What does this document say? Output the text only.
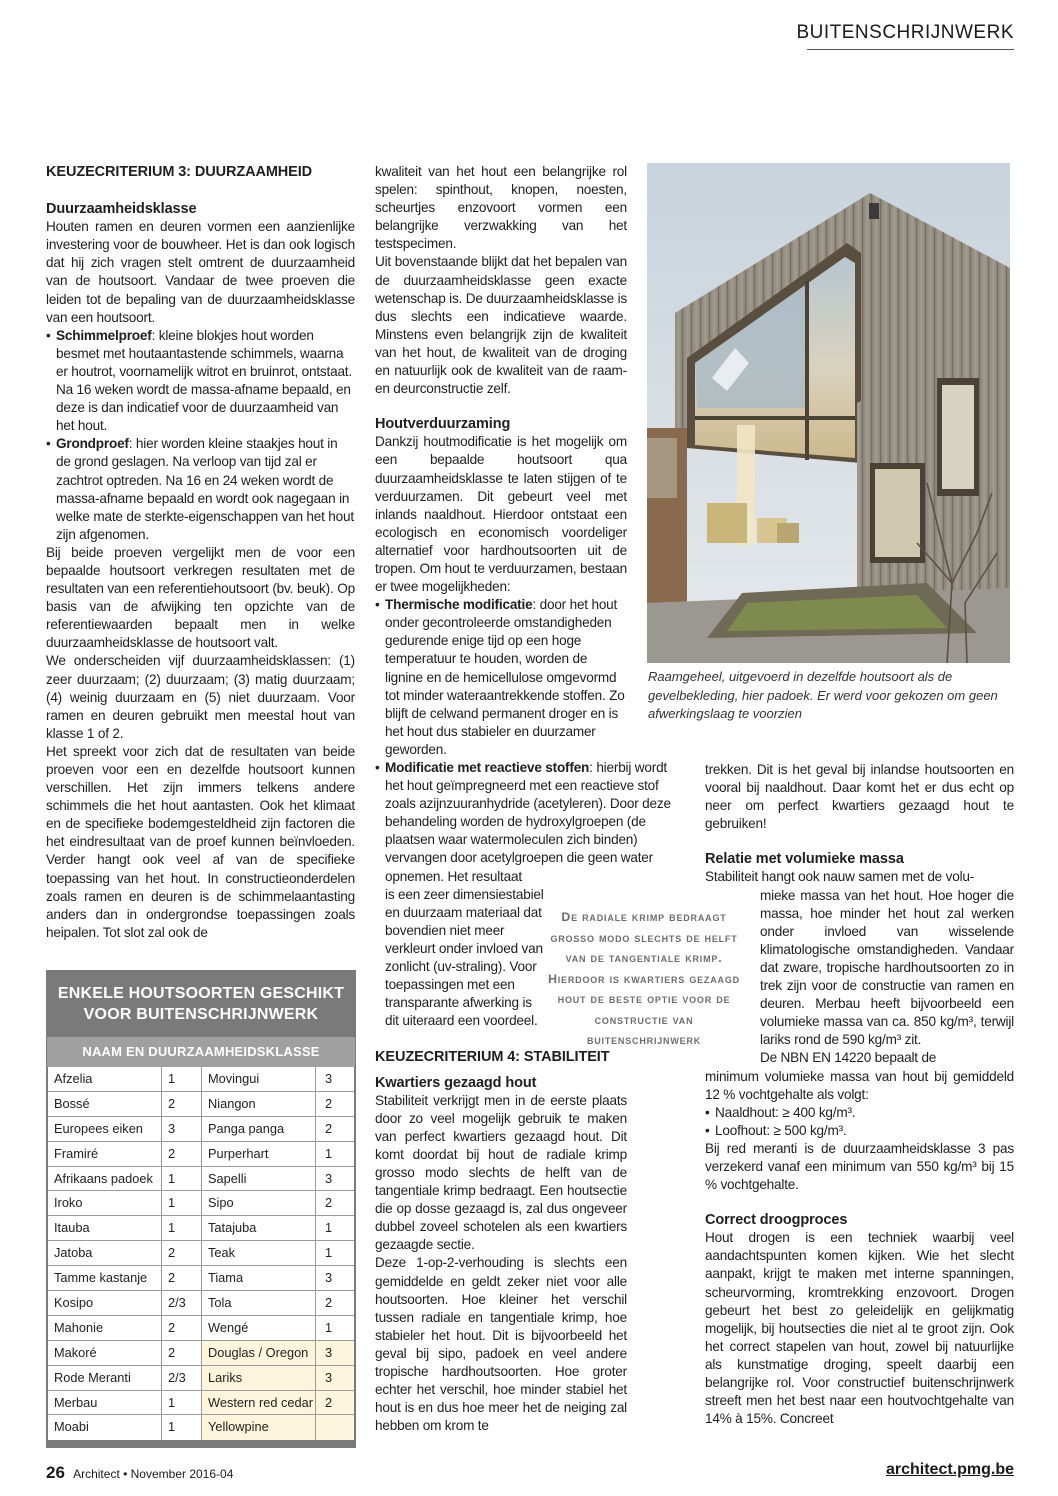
BUITENSCHRIJNWERK
KEUZECRITERIUM 3: DUURZAAMHEID
Duurzaamheidsklasse

Houten ramen en deuren vormen een aanzienlijke investering voor de bouwheer. Het is dan ook logisch dat hij zich vragen stelt omtrent de duurzaamheid van de houtsoort. Vandaar de twee proeven die leiden tot de bepaling van de duurzaamheidsklasse van een houtsoort.

• Schimmelproef: kleine blokjes hout worden besmet met houtaantastende schimmels, waarna er houtrot, voornamelijk witrot en bruinrot, ontstaat. Na 16 weken wordt de massa-afname bepaald, en deze is dan indicatief voor de duurzaamheid van het hout.
• Grondproef: hier worden kleine staakjes hout in de grond geslagen. Na verloop van tijd zal er zachtrot optreden. Na 16 en 24 weken wordt de massa-afname bepaald en wordt ook nagegaan in welke mate de sterkte-eigenschappen van het hout zijn afgenomen.

Bij beide proeven vergelijkt men de voor een bepaalde houtsoort verkregen resultaten met de resultaten van een referentiehoutsoort (bv. beuk). Op basis van de afwijking ten opzichte van de referentiewaarden bepaalt men in welke duurzaamheidsklasse de houtsoort valt.

We onderscheiden vijf duurzaamheidsklassen: (1) zeer duurzaam; (2) duurzaam; (3) matig duurzaam; (4) weinig duurzaam en (5) niet duurzaam. Voor ramen en deuren gebruikt men meestal hout van klasse 1 of 2.

Het spreekt voor zich dat de resultaten van beide proeven voor een en dezelfde houtsoort kunnen verschillen. Het zijn immers telkens andere schimmels die het hout aantasten. Ook het klimaat en de specifieke bodemgesteldheid zijn factoren die het eindresultaat van de proef kunnen beïnvloeden. Verder hangt ook veel af van de specifieke toepassing van het hout. In constructieonderdelen zoals ramen en deuren is de schimmelaantasting anders dan in ondergrondse toepassingen zoals heipalen. Tot slot zal ook de

kwaliteit van het hout een belangrijke rol spelen: spinthout, knopen, noesten, scheurtjes enzovoort vormen een belangrijke verzwakking van het testspecimen.

Uit bovenstaande blijkt dat het bepalen van de duurzaamheidsklasse geen exacte wetenschap is. De duurzaamheidsklasse is dus slechts een indicatieve waarde. Minstens even belangrijk zijn de kwaliteit van het hout, de kwaliteit van de droging en natuurlijk ook de kwaliteit van de raam- en deurconstructie zelf.

Houtverduurzaming

Dankzij houtmodificatie is het mogelijk om een bepaalde houtsoort qua duurzaamheidsklasse te laten stijgen of te verduurzamen. Dit gebeurt veel met inlands naaldhout. Hierdoor ontstaat een ecologisch en economisch voordeliger alternatief voor hardhoutsoorten uit de tropen. Om hout te verduurzamen, bestaan er twee mogelijkheden:

• Thermische modificatie: door het hout onder gecontroleerde omstandigheden gedurende enige tijd op een hoge temperatuur te houden, worden de lignine en de hemicellulose omgevormd tot minder wateraantrekkende stoffen. Zo blijft de celwand permanent droger en is het hout dus stabieler en duurzamer geworden.
• Modificatie met reactieve stoffen: hierbij wordt het hout geïmpregneerd met een reactieve stof zoals azijnzuuranhydride (acetyleren). Door deze behandeling worden de hydroxylgroepen (de plaatsen waar watermoleculen zich binden) vervangen door acetylgroepen die geen water opnemen. Het resultaat
is een zeer dimensiestabiel en duurzaam materiaal dat bovendien niet meer verkleurt onder invloed van zonlicht (uv-straling). Voor toepassingen met een transparante afwerking is dit uiteraard een voordeel.
KEUZECRITERIUM 4: STABILITEIT
Kwartiers gezaagd hout

Stabiliteit verkrijgt men in de eerste plaats door zo veel mogelijk gebruik te maken van perfect kwartiers gezaagd hout. Dit komt doordat bij hout de radiale krimp grosso modo slechts de helft van de tangentiale krimp bedraagt. Een houtsectie die op dosse gezaagd is, zal dus ongeveer dubbel zoveel schotelen als een kwartiers gezaagde sectie.

Deze 1-op-2-verhouding is slechts een gemiddelde en geldt zeker niet voor alle houtsoorten. Hoe kleiner het verschil tussen radiale en tangentiale krimp, hoe stabieler het hout. Dit is bijvoorbeeld het geval bij sipo, padoek en veel andere tropische hardhoutsoorten. Hoe groter echter het verschil, hoe minder stabiel het hout is en dus hoe meer het de neiging zal hebben om krom te

Raamgeheel, uitgevoerd in dezelfde houtsoort als de gevelbekleding, hier padoek. Er werd voor gekozen om geen afwerkingslaag te voorzien
De radiale krimp bedraagt grosso modo slechts de helft van de tangentiale krimp. Hierdoor is kwartiers gezaagd hout de beste optie voor de constructie van buitenschrijnwerk

trekken. Dit is het geval bij inlandse houtsoorten en vooral bij naaldhout. Daar komt het er dus echt op neer om perfect kwartiers gezaagd hout te gebruiken!

Relatie met volumieke massa

Stabiliteit hangt ook nauw samen met de volu-

mieke massa van het hout. Hoe hoger die massa, hoe minder het hout zal werken onder invloed van wisselende klimatologische omstandigheden. Vandaar dat zware, tropische hardhoutsoorten zo in trek zijn voor de constructie van ramen en deuren. Merbau heeft bijvoorbeeld een volumieke massa van ca. 850 kg/m³, terwijl lariks rond de 590 kg/m³ zit.

De NBN EN 14220 bepaalt de

minimum volumieke massa van hout bij gemiddeld 12 % vochtgehalte als volgt:

• Naaldhout: ≥ 400 kg/m³.
• Loofhout: ≥ 500 kg/m³.

Bij red meranti is de duurzaamheidsklasse 3 pas verzekerd vanaf een minimum van 550 kg/m³ bij 15 % vochtgehalte.

Correct droogproces

Hout drogen is een techniek waarbij veel aandachtspunten komen kijken. Wie het slecht aanpakt, krijgt te maken met interne spanningen, scheurvorming, kromtrekking enzovoort. Drogen gebeurt het best zo geleidelijk en gelijkmatig mogelijk, bij houtsecties die niet al te groot zijn. Ook het correct stapelen van hout, zowel bij natuurlijke als kunstmatige droging, speelt daarbij een belangrijke rol. Voor constructief buitenschrijnwerk streeft men het best naar een houtvochtgehalte van 14% à 15%. Concreet

ENKELE HOUTSOORTEN GESCHIKT
VOOR BUITENSCHRIJNWERK
NAAM EN DUURZAAMHEIDSKLASSE
Afzelia	1	Movingui	3
Bossé	2	Niangon	2
Europees eiken	3	Panga panga	2
Framiré	2	Purperhart	1
Afrikaans padoek	1	Sapelli	3
Iroko	1	Sipo	2
Itauba	1	Tatajuba	1
Jatoba	2	Teak	1
Tamme kastanje	2	Tiama	3
Kosipo	2/3	Tola	2
Mahonie	2	Wengé	1
Makoré	2	Douglas / Oregon	3
Rode Meranti	2/3	Lariks	3
Merbau	1	Western red cedar 2
Moabi	1	Yellowpine
26 Architect • November 2016-04	architect.pmg.be
